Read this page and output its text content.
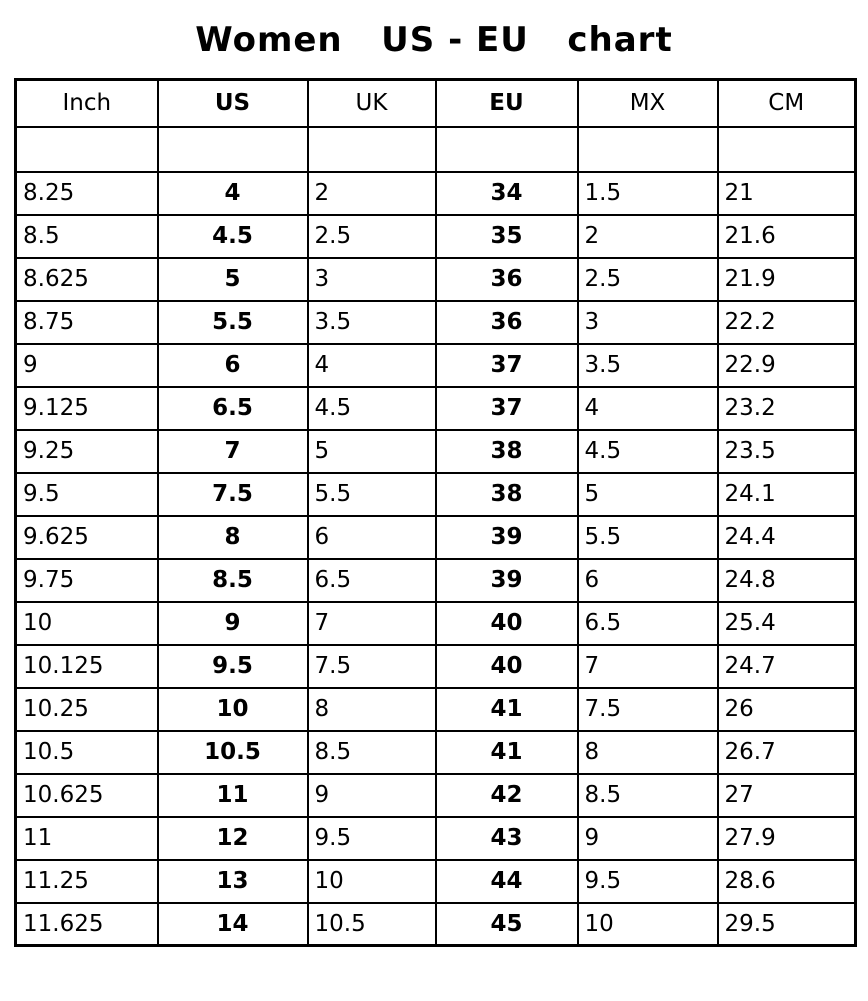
Women   US - EU   chart
Inch	US	UK	EU	MX	CM

8.25	4	2	34	1.5	21
8.5	4.5	2.5	35	2	21.6
8.625	5	3	36	2.5	21.9
8.75	5.5	3.5	36	3	22.2
9	6	4	37	3.5	22.9
9.125	6.5	4.5	37	4	23.2
9.25	7	5	38	4.5	23.5
9.5	7.5	5.5	38	5	24.1
9.625	8	6	39	5.5	24.4
9.75	8.5	6.5	39	6	24.8
10	9	7	40	6.5	25.4
10.125	9.5	7.5	40	7	24.7
10.25	10	8	41	7.5	26
10.5	10.5	8.5	41	8	26.7
10.625	11	9	42	8.5	27
11	12	9.5	43	9	27.9
11.25	13	10	44	9.5	28.6
11.625	14	10.5	45	10	29.5
